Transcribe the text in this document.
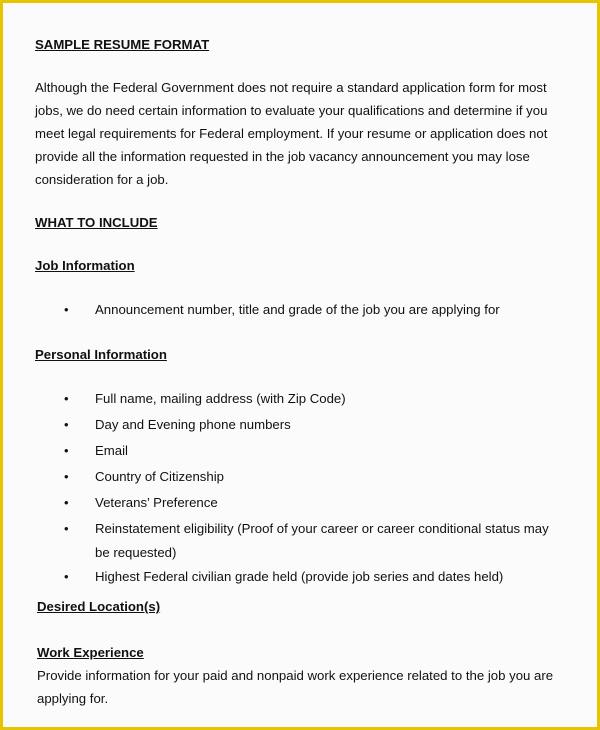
SAMPLE RESUME FORMAT
Although the Federal Government does not require a standard application form for most
jobs, we do need certain information to evaluate your qualifications and determine if you
meet legal requirements for Federal employment. If your resume or application does not
provide all the information requested in the job vacancy announcement you may lose
consideration for a job.
WHAT TO INCLUDE
Job Information
• Announcement number, title and grade of the job you are applying for
Personal Information
• Full name, mailing address (with Zip Code)
• Day and Evening phone numbers
• Email
• Country of Citizenship
• Veterans’ Preference
• Reinstatement eligibility (Proof of your career or career conditional status may
be requested)
• Highest Federal civilian grade held (provide job series and dates held)
Desired Location(s)
Work Experience
Provide information for your paid and nonpaid work experience related to the job you are
applying for.
